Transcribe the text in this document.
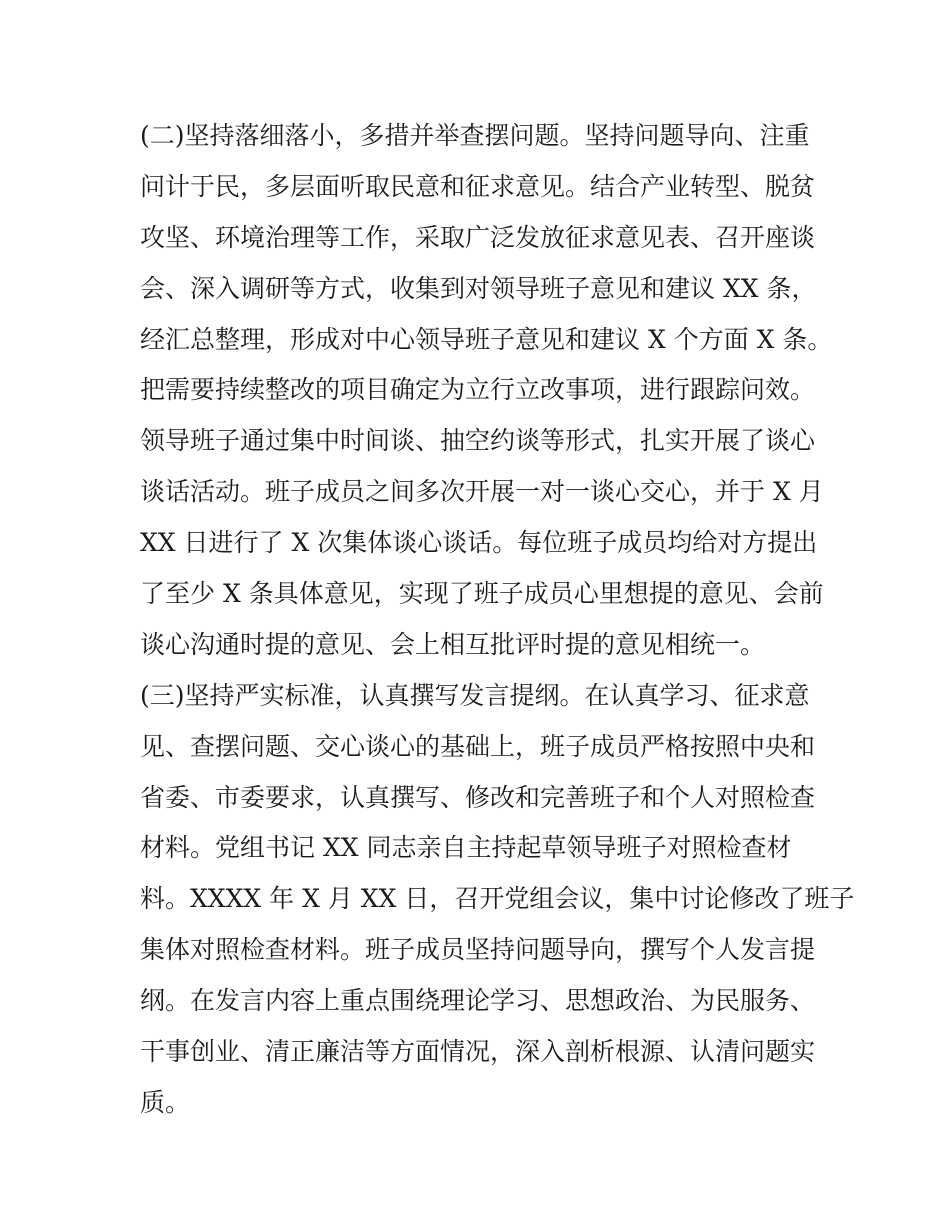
(二)坚持落细落小，多措并举查摆问题。坚持问题导向、注重
问计于民，多层面听取民意和征求意见。结合产业转型、脱贫
攻坚、环境治理等工作，采取广泛发放征求意见表、召开座谈
会、深入调研等方式，收集到对领导班子意见和建议 XX 条，
经汇总整理，形成对中心领导班子意见和建议 X 个方面 X 条。
把需要持续整改的项目确定为立行立改事项，进行跟踪问效。
领导班子通过集中时间谈、抽空约谈等形式，扎实开展了谈心
谈话活动。班子成员之间多次开展一对一谈心交心，并于 X 月
XX 日进行了 X 次集体谈心谈话。每位班子成员均给对方提出
了至少 X 条具体意见，实现了班子成员心里想提的意见、会前
谈心沟通时提的意见、会上相互批评时提的意见相统一。
(三)坚持严实标准，认真撰写发言提纲。在认真学习、征求意
见、查摆问题、交心谈心的基础上，班子成员严格按照中央和
省委、市委要求，认真撰写、修改和完善班子和个人对照检查
材料。党组书记 XX 同志亲自主持起草领导班子对照检查材
料。XXXX 年 X 月 XX 日，召开党组会议，集中讨论修改了班子
集体对照检查材料。班子成员坚持问题导向，撰写个人发言提
纲。在发言内容上重点围绕理论学习、思想政治、为民服务、
干事创业、清正廉洁等方面情况，深入剖析根源、认清问题实
质。
